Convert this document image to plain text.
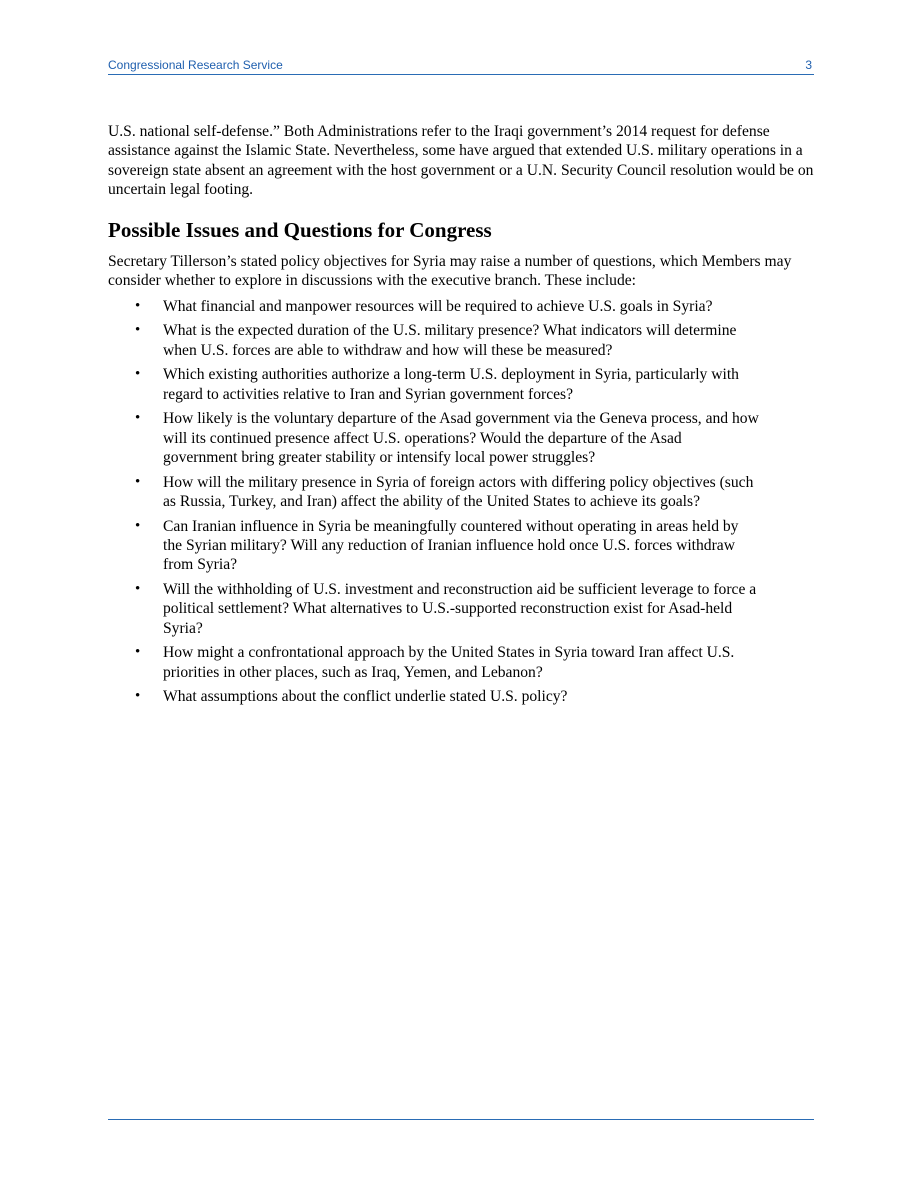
Congressional Research Service	3

U.S. national self-defense.” Both Administrations refer to the Iraqi government’s 2014 request for defense assistance against the Islamic State. Nevertheless, some have argued that extended U.S. military operations in a sovereign state absent an agreement with the host government or a U.N. Security Council resolution would be on uncertain legal footing.

Possible Issues and Questions for Congress

Secretary Tillerson’s stated policy objectives for Syria may raise a number of questions, which Members may consider whether to explore in discussions with the executive branch. These include:

• What financial and manpower resources will be required to achieve U.S. goals in Syria?
• What is the expected duration of the U.S. military presence? What indicators will determine when U.S. forces are able to withdraw and how will these be measured?
• Which existing authorities authorize a long-term U.S. deployment in Syria, particularly with regard to activities relative to Iran and Syrian government forces?
• How likely is the voluntary departure of the Asad government via the Geneva process, and how will its continued presence affect U.S. operations? Would the departure of the Asad government bring greater stability or intensify local power struggles?
• How will the military presence in Syria of foreign actors with differing policy objectives (such as Russia, Turkey, and Iran) affect the ability of the United States to achieve its goals?
• Can Iranian influence in Syria be meaningfully countered without operating in areas held by the Syrian military? Will any reduction of Iranian influence hold once U.S. forces withdraw from Syria?
• Will the withholding of U.S. investment and reconstruction aid be sufficient leverage to force a political settlement? What alternatives to U.S.-supported reconstruction exist for Asad-held Syria?
• How might a confrontational approach by the United States in Syria toward Iran affect U.S. priorities in other places, such as Iraq, Yemen, and Lebanon?
• What assumptions about the conflict underlie stated U.S. policy?
